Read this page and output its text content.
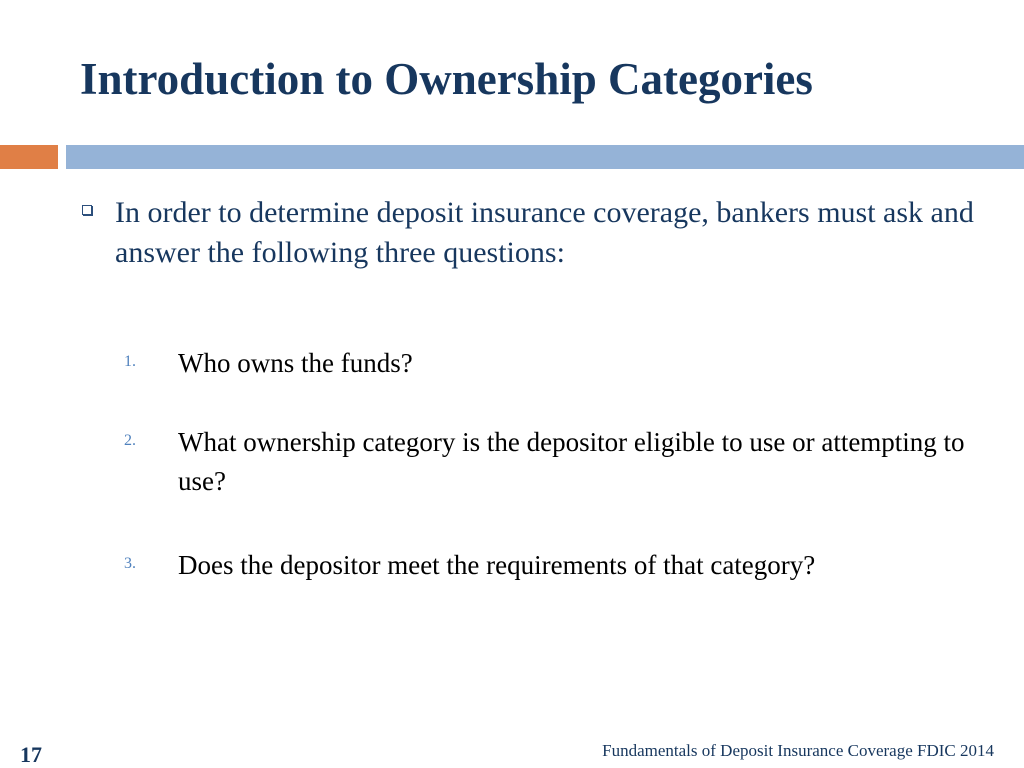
Introduction to Ownership Categories

In order to determine deposit insurance coverage, bankers must ask and answer the following three questions:

1. Who owns the funds?

2. What ownership category is the depositor eligible to use or attempting to use?

3. Does the depositor meet the requirements of that category?

17	Fundamentals of Deposit Insurance Coverage FDIC 2014
